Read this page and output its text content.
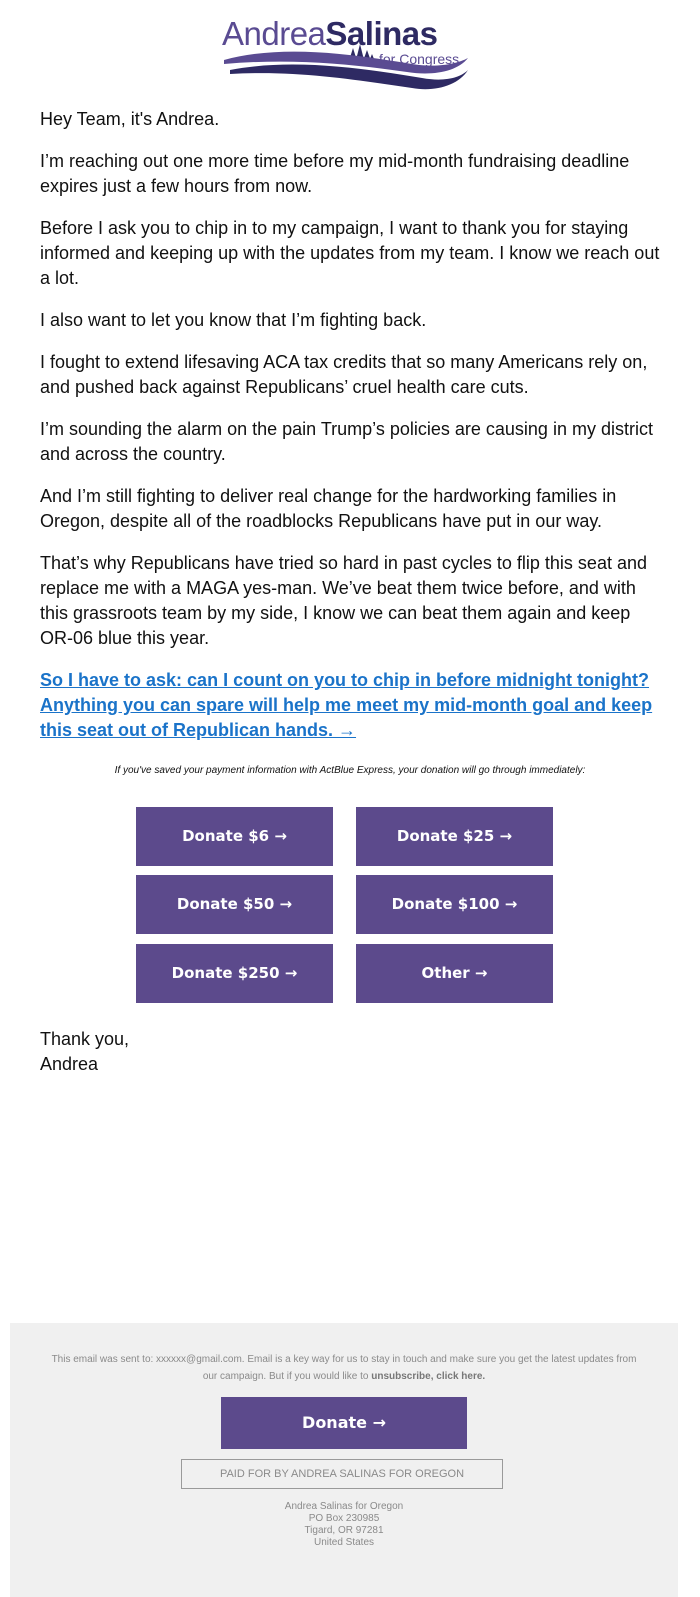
AndreaSalinas
for Congress

Hey Team, it's Andrea.

I’m reaching out one more time before my mid-month fundraising deadline expires just a few hours from now.

Before I ask you to chip in to my campaign, I want to thank you for staying informed and keeping up with the updates from my team. I know we reach out a lot.

I also want to let you know that I’m fighting back.

I fought to extend lifesaving ACA tax credits that so many Americans rely on, and pushed back against Republicans’ cruel health care cuts.

I’m sounding the alarm on the pain Trump’s policies are causing in my district and across the country.

And I’m still fighting to deliver real change for the hardworking families in Oregon, despite all of the roadblocks Republicans have put in our way.

That’s why Republicans have tried so hard in past cycles to flip this seat and replace me with a MAGA yes-man. We’ve beat them twice before, and with this grassroots team by my side, I know we can beat them again and keep OR-06 blue this year.

So I have to ask: can I count on you to chip in before midnight tonight? Anything you can spare will help me meet my mid-month goal and keep this seat out of Republican hands. →
If you've saved your payment information with ActBlue Express, your donation will go through immediately:
Donate $6 →	Donate $25 →
Donate $50 →	Donate $100 →
Donate $250 →	Other →
Thank you,
Andrea
This email was sent to: xxxxxx@gmail.com. Email is a key way for us to stay in touch and make sure you get the latest updates from our campaign. But if you would like to unsubscribe, click here.
Donate →
PAID FOR BY ANDREA SALINAS FOR OREGON
Andrea Salinas for Oregon
PO Box 230985
Tigard, OR 97281
United States
